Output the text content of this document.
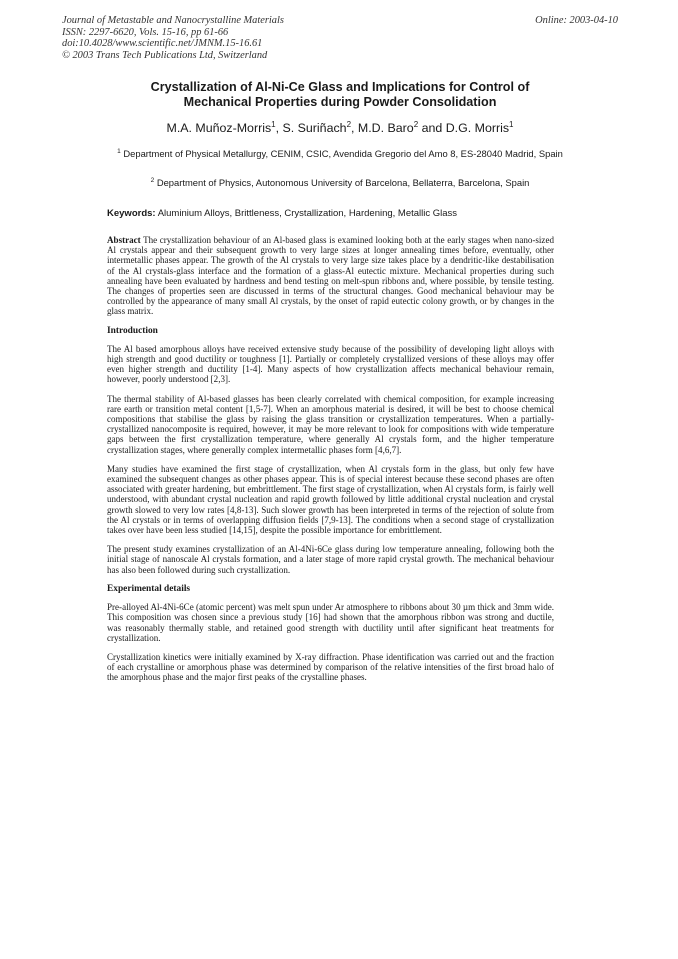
Journal of Metastable and Nanocrystalline Materials
ISSN: 2297-6620, Vols. 15-16, pp 61-66
doi:10.4028/www.scientific.net/JMNM.15-16.61
© 2003 Trans Tech Publications Ltd, Switzerland
Online: 2003-04-10
Crystallization of Al-Ni-Ce Glass and Implications for Control of Mechanical Properties during Powder Consolidation
M.A. Muñoz-Morris$^1$, S. Suriñach$^2$, M.D. Baro$^2$ and D.G. Morris$^1$
$^1$ Department of Physical Metallurgy, CENIM, CSIC, Avendida Gregorio del Amo 8, ES-28040 Madrid, Spain
$^2$ Department of Physics, Autonomous University of Barcelona, Bellaterra, Barcelona, Spain
Keywords: Aluminium Alloys, Brittleness, Crystallization, Hardening, Metallic Glass

Abstract The crystallization behaviour of an Al-based glass is examined looking both at the early stages when nano-sized Al crystals appear and their subsequent growth to very large sizes at longer annealing times before, eventually, other intermetallic phases appear. The growth of the Al crystals to very large size takes place by a dendritic-like destabilisation of the Al crystals-glass interface and the formation of a glass-Al eutectic mixture. Mechanical properties during such annealing have been evaluated by hardness and bend testing on melt-spun ribbons and, where possible, by tensile testing. The changes of properties seen are discussed in terms of the structural changes. Good mechanical behaviour may be controlled by the appearance of many small Al crystals, by the onset of rapid eutectic colony growth, or by changes in the glass matrix.

Introduction

The Al based amorphous alloys have received extensive study because of the possibility of developing light alloys with high strength and good ductility or toughness [1]. Partially or completely crystallized versions of these alloys may offer even higher strength and ductility [1-4]. Many aspects of how crystallization affects mechanical behaviour remain, however, poorly understood [2,3].

The thermal stability of Al-based glasses has been clearly correlated with chemical composition, for example increasing rare earth or transition metal content [1,5-7]. When an amorphous material is desired, it will be best to choose chemical compositions that stabilise the glass by raising the glass transition or crystallization temperatures. When a partially-crystallized nanocomposite is required, however, it may be more relevant to look for compositions with wide temperature gaps between the first crystallization temperature, where generally Al crystals form, and the higher temperature crystallization stages, where generally complex intermetallic phases form [4,6,7].

Many studies have examined the first stage of crystallization, when Al crystals form in the glass, but only few have examined the subsequent changes as other phases appear. This is of special interest because these second phases are often associated with greater hardening, but embrittlement. The first stage of crystallization, when Al crystals form, is fairly well understood, with abundant crystal nucleation and rapid growth followed by little additional crystal nucleation and crystal growth slowed to very low rates [4,8-13]. Such slower growth has been interpreted in terms of the rejection of solute from the Al crystals or in terms of overlapping diffusion fields [7,9-13]. The conditions when a second stage of crystallization takes over have been less studied [14,15], despite the possible importance for embrittlement.

The present study examines crystallization of an Al-4Ni-6Ce glass during low temperature annealing, following both the initial stage of nanoscale Al crystals formation, and a later stage of more rapid crystal growth. The mechanical behaviour has also been followed during such crystallization.

Experimental details

Pre-alloyed Al-4Ni-6Ce (atomic percent) was melt spun under Ar atmosphere to ribbons about 30 µm thick and 3mm wide. This composition was chosen since a previous study [16] had shown that the amorphous ribbon was strong and ductile, was reasonably thermally stable, and retained good strength with ductility until after significant heat treatments for crystallization.

Crystallization kinetics were initially examined by X-ray diffraction. Phase identification was carried out and the fraction of each crystalline or amorphous phase was determined by comparison of the relative intensities of the first broad halo of the amorphous phase and the major first peaks of the crystalline phases.
